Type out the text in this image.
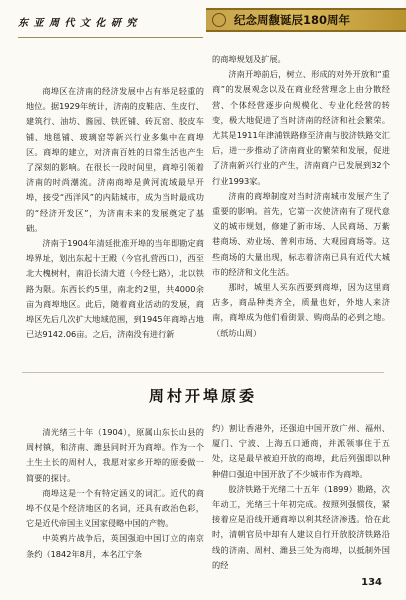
东 亚 周 代 文 化 研 究	纪念周馥诞辰180周年

商埠区在济南的经济发展中占有举足轻重的地位。据1929年统计，济南的皮鞋店、生皮行、建筑行、油坊、酱园、铁匠铺、砖瓦窑、胶皮车铺、地毯铺、玻璃窑等新兴行业多集中在商埠区。商埠的建立，对济南百姓的日常生活也产生了深刻的影响。在很长一段时间里，商埠引领着济南的时尚潮流。济南商埠是黄河流域最早开埠，接受“西洋风”的内陆城市，成为当时最成功的“经济开发区”，为济南未来的发展奠定了基础。

济南于1904年清廷批准开埠的当年即勘定商埠界址，划出东起十王殿（今官扎营西口），西至北大槐树村，南沿长清大道（今经七路），北以铁路为限。东西长约5里，南北约2里，共4000余亩为商埠地区。此后，随着商业活动的发展，商埠区先后几次扩大地域范围，到1945年商埠占地已达9142.06亩。之后，济南没有进行新

的商埠规划及扩展。

济南开埠前后，树立、形成的对外开放和“重商”的发展观念以及在商业经营理念上由分散经营、个体经营逐步向规模化、专业化经营的转变，极大地促进了当时济南的经济和社会繁荣。尤其是1911年津浦铁路修至济南与胶济铁路交汇后，进一步推动了济南商业的繁荣和发展，促进了济南新兴行业的产生，济南商户已发展到32个行业1993家。

济南的商埠制度对当时济南城市发展产生了重要的影响。首先，它第一次使济南有了现代意义的城市规划，修建了新市场、人民商场、万紫巷商场、劝业场、普利市场、大观园商场等。这些商场的大量出现，标志着济南已具有近代大城市的经济和文化生活。

那时，城里人买东西要到商埠，因为这里商店多，商品种类齐全，质量也好，外地人来济南，商埠成为他们看街景、购商品的必到之地。（纸坊山周）

周村开埠原委

清光绪三十年（1904），原属山东长山县的周村镇，和济南、潍县同时开为商埠。作为一个土生土长的周村人，我愿对家乡开埠的原委做一简要的探讨。

商埠这是一个有特定涵义的词汇。近代的商埠不仅是个经济地区的名词，还具有政治色彩，它是近代帝国主义国家侵略中国的产物。

中英鸦片战争后，英国强迫中国订立的南京条约（1842年8月，本名江宁条

约）割让香港外，还强迫中国开放广州、福州、厦门、宁波、上海五口通商，并派领事住于五处，这是最早被迫开放的商埠，此后列强即以种种借口强迫中国开放了不少城市作为商埠。

胶济铁路于光绪二十五年（1899）勘路，次年动工，光绪三十年初完成。按照列强惯伎，紧接着应是沿线开通商埠以利其经济渗透。恰在此时，清朝官员中却有人建议自行开放胶济铁路沿线的济南、周村、潍县三处为商埠，以抵制外国的经

134
